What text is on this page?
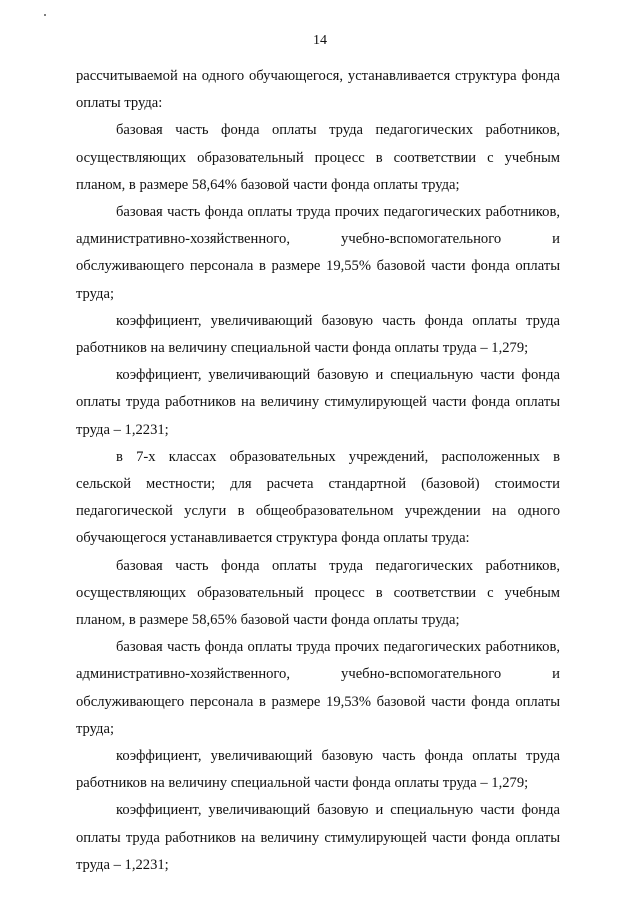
14

рассчитываемой на одного обучающегося, устанавливается структура фонда оплаты труда:

базовая часть фонда оплаты труда педагогических работников, осуществляющих образовательный процесс в соответствии с учебным планом, в размере 58,64% базовой части фонда оплаты труда;

базовая часть фонда оплаты труда прочих педагогических работников, административно-хозяйственного, учебно-вспомогательного и обслуживающего персонала в размере 19,55% базовой части фонда оплаты труда;

коэффициент, увеличивающий базовую часть фонда оплаты труда работников на величину специальной части фонда оплаты труда – 1,279;

коэффициент, увеличивающий базовую и специальную части фонда оплаты труда работников на величину стимулирующей части фонда оплаты труда – 1,2231;

в 7-х классах образовательных учреждений, расположенных в сельской местности; для расчета стандартной (базовой) стоимости педагогической услуги в общеобразовательном учреждении на одного обучающегося устанавливается структура фонда оплаты труда:

базовая часть фонда оплаты труда педагогических работников, осуществляющих образовательный процесс в соответствии с учебным планом, в размере 58,65% базовой части фонда оплаты труда;

базовая часть фонда оплаты труда прочих педагогических работников, административно-хозяйственного, учебно-вспомогательного и обслуживающего персонала в размере 19,53% базовой части фонда оплаты труда;

коэффициент, увеличивающий базовую часть фонда оплаты труда работников на величину специальной части фонда оплаты труда – 1,279;

коэффициент, увеличивающий базовую и специальную части фонда оплаты труда работников на величину стимулирующей части фонда оплаты труда – 1,2231;
